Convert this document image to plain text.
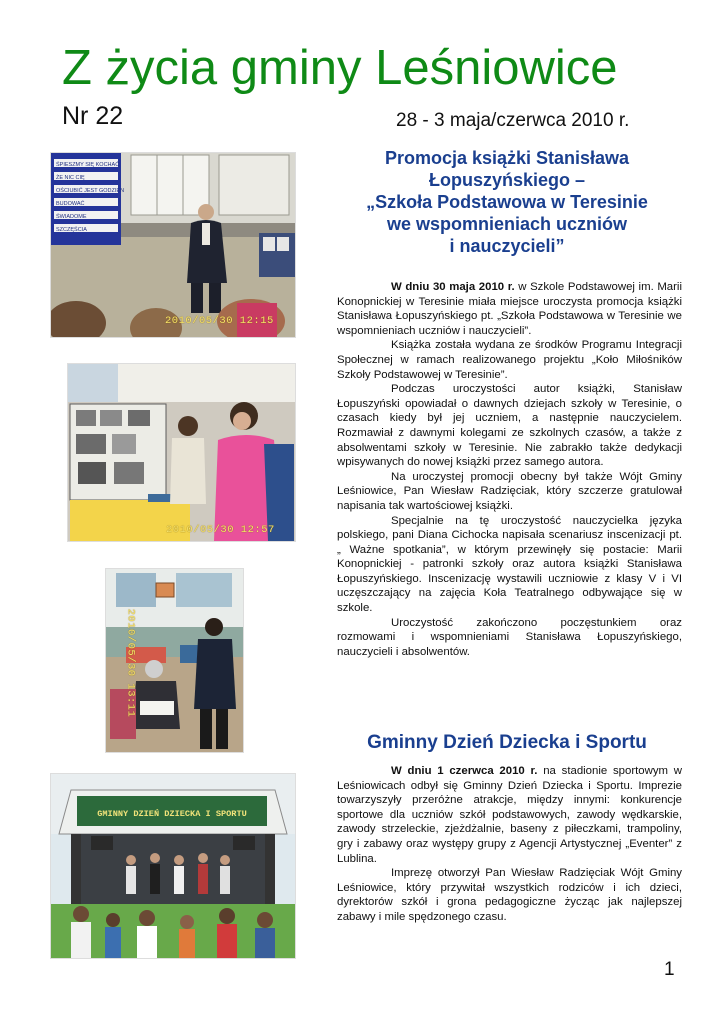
Z życia gminy Leśniowice
Nr 22	28 - 3 maja/czerwca 2010 r.
ŚPIESZMY SIĘ KOCHAĆ
ŻE NIC CIĘ
OŚCIUBIĆ JEST GODZIEN
BUDOWAĆ
ŚWIADOME
SZCZĘŚCIA
2010/05/30 12:15
2010/05/30 12:57
2010/05/30 13:11
GMINNY DZIEŃ DZIECKA I SPORTU
Promocja książki Stanisława
Łopuszyńskiego –
„Szkoła Podstawowa w Teresinie
we wspomnieniach uczniów
i nauczycieli”

W dniu 30 maja 2010 r. w Szkole Podstawowej im. Marii Konopnickiej w Teresinie miała miejsce uroczysta promocja książki Stanisława Łopuszyńskiego pt. „Szkoła Podstawowa w Teresinie we wspomnieniach uczniów i nauczycieli”.

Książka została wydana ze środków Programu Integracji Społecznej w ramach realizowanego projektu „Koło Miłośników Szkoły Podstawowej w Teresinie”.

Podczas uroczystości autor książki, Stanisław Łopuszyński opowiadał o dawnych dziejach szkoły w Teresinie, o czasach kiedy był jej uczniem, a następnie nauczycielem. Rozmawiał z dawnymi kolegami ze szkolnych czasów, a także z absolwentami szkoły w Teresinie. Nie zabrakło także dedykacji wpisywanych do nowej książki przez samego autora.

Na uroczystej promocji obecny był także Wójt Gminy Leśniowice, Pan Wiesław Radzięciak, który szczerze gratulował napisania tak wartościowej książki.

Specjalnie na tę uroczystość nauczycielka języka polskiego, pani Diana Cichocka napisała scenariusz inscenizacji pt. „ Ważne spotkania”, w którym przewinęły się postacie: Marii Konopnickiej - patronki szkoły oraz autora książki Stanisława Łopuszyńskiego. Inscenizację wystawili uczniowie z klasy V i VI uczęszczający na zajęcia Koła Teatralnego odbywające się w szkole.

Uroczystość zakończono poczęstunkiem oraz rozmowami i wspomnieniami Stanisława Łopuszyńskiego, nauczycieli i absolwentów.

Gminny Dzień Dziecka i Sportu

W dniu 1 czerwca 2010 r. na stadionie sportowym w Leśniowicach odbył się Gminny Dzień Dziecka i Sportu. Imprezie towarzyszyły przeróżne atrakcje, między innymi: konkurencje sportowe dla uczniów szkół podstawowych, zawody wędkarskie, zawody strzeleckie, zjeżdżalnie, baseny z piłeczkami, trampoliny, gry i zabawy oraz występy grupy z Agencji Artystycznej „Eventer” z Lublina.

Imprezę otworzył Pan Wiesław Radzięciak Wójt Gminy Leśniowice, który przywitał wszystkich rodziców i ich dzieci, dyrektorów szkół i grona pedagogiczne życząc jak najlepszej zabawy i mile spędzonego czasu.

1
